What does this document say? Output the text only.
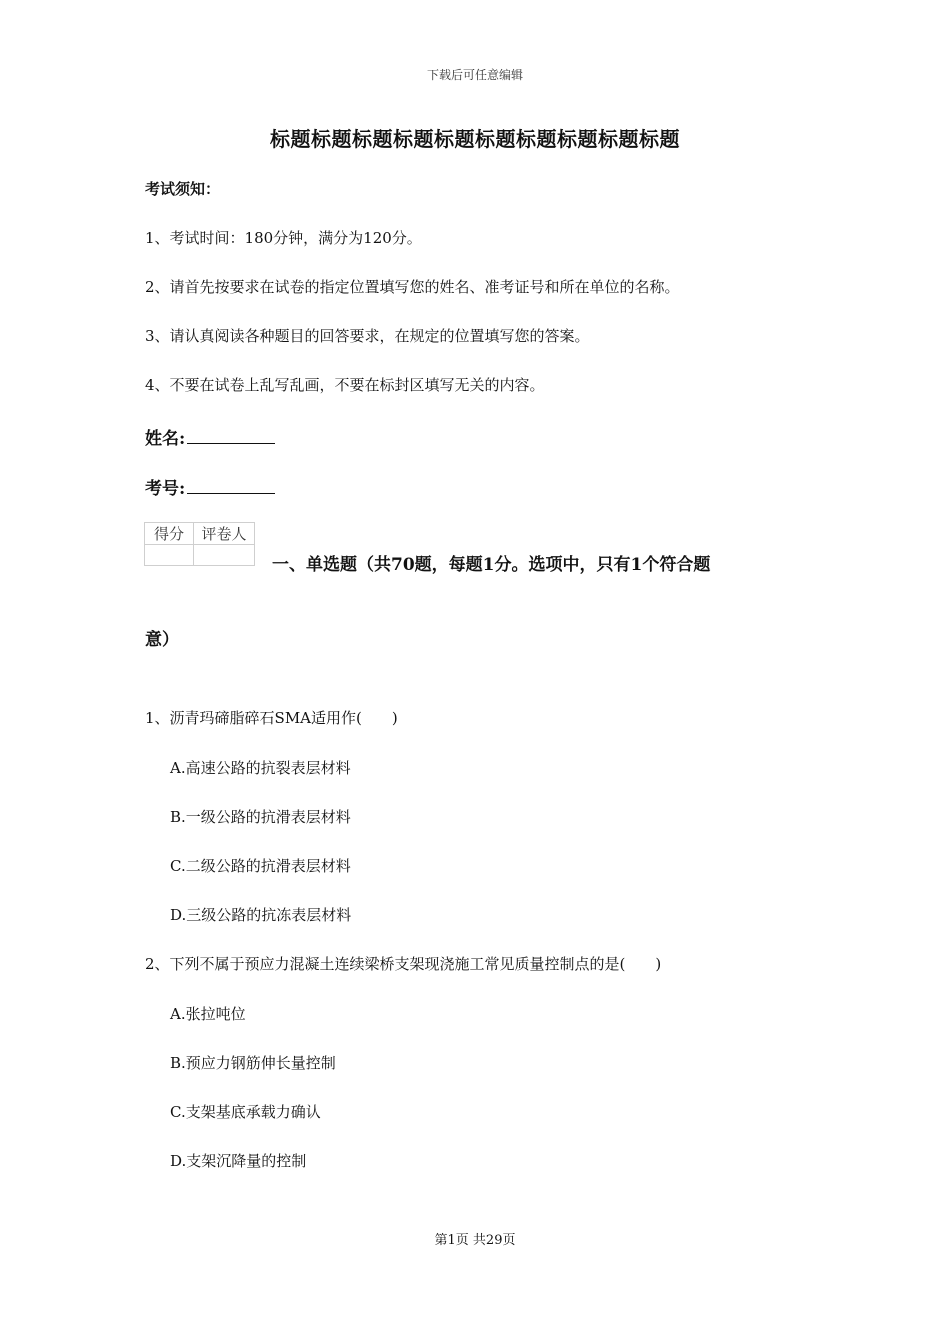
下载后可任意编辑
标题标题标题标题标题标题标题标题标题标题
考试须知：
1、考试时间：180分钟，满分为120分。
2、请首先按要求在试卷的指定位置填写您的姓名、准考证号和所在单位的名称。
3、请认真阅读各种题目的回答要求，在规定的位置填写您的答案。
4、不要在试卷上乱写乱画，不要在标封区填写无关的内容。
姓名:
考号:
得分	评卷人

一、单选题（共70题，每题1分。选项中，只有1个符合题
意）
1、沥青玛碲脂碎石SMA适用作(　　)
A.高速公路的抗裂表层材料
B.一级公路的抗滑表层材料
C.二级公路的抗滑表层材料
D.三级公路的抗冻表层材料
2、下列不属于预应力混凝土连续梁桥支架现浇施工常见质量控制点的是(　　)
A.张拉吨位
B.预应力钢筋伸长量控制
C.支架基底承载力确认
D.支架沉降量的控制
第1页 共29页
